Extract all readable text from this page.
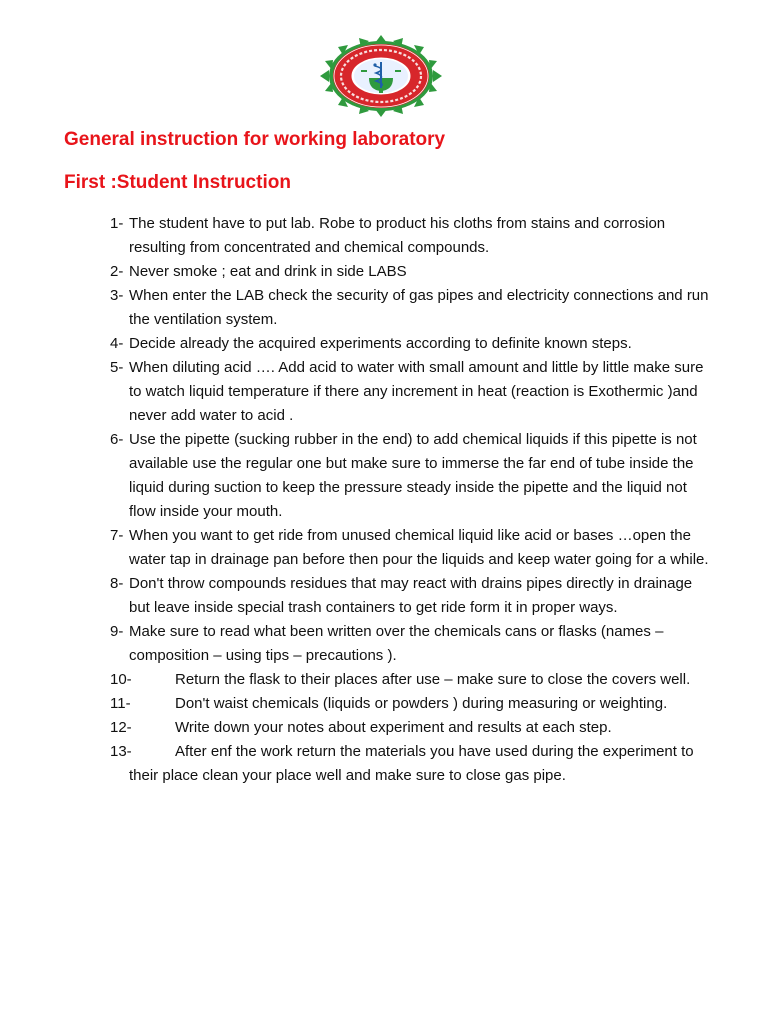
General instruction for working laboratory
First :Student Instruction
1- The student have to put lab. Robe to product his cloths from stains and corrosion resulting from concentrated and chemical compounds.
2- Never smoke ; eat and drink in side LABS
3- When enter the LAB check the security of gas pipes and electricity connections and run the ventilation system.
4- Decide already the acquired experiments according to definite known steps.
5- When diluting acid …. Add acid to water with small amount and little by little make sure to watch liquid temperature if there any increment in heat (reaction is Exothermic )and never add water to acid .
6- Use the pipette (sucking rubber in the end) to add chemical liquids if this pipette is not available use the regular one but make sure to immerse the far end of tube inside the liquid during suction to keep the pressure steady inside the pipette and the liquid not flow inside your mouth.
7- When you want to get ride from unused chemical liquid like acid or bases …open the water tap in drainage pan before then pour the liquids and keep water going for a while.
8- Don't throw compounds residues that may react with drains pipes directly in drainage but leave inside special trash containers to get ride form it in proper ways.
9- Make sure to read what been written over the chemicals cans or flasks (names – composition – using tips – precautions ).
10-	Return the flask to their places after use – make sure to close the covers well.
11-	Don't waist chemicals (liquids or powders ) during measuring or weighting.
12-	Write down your notes about experiment and results at each step.
13-	After enf the work return the materials you have used during the experiment to their place clean your place well and make sure to close gas pipe.
